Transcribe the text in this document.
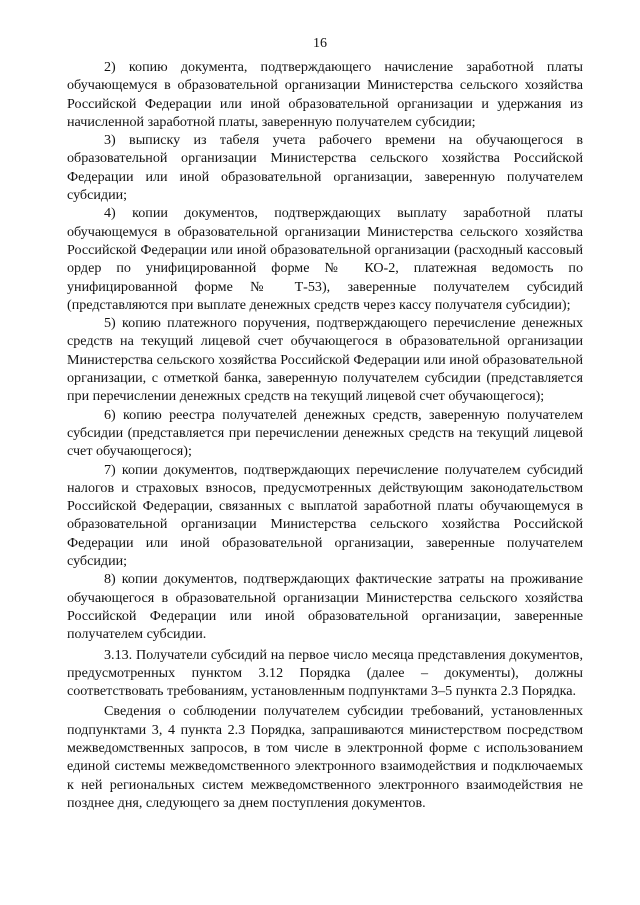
16

2) копию документа, подтверждающего начисление заработной платы обучающемуся в образовательной организации Министерства сельского хозяйства Российской Федерации или иной образовательной организации и удержания из начисленной заработной платы, заверенную получателем субсидии;

3) выписку из табеля учета рабочего времени на обучающегося в образовательной организации Министерства сельского хозяйства Российской Федерации или иной образовательной организации, заверенную получателем субсидии;

4) копии документов, подтверждающих выплату заработной платы обучающемуся в образовательной организации Министерства сельского хозяйства Российской Федерации или иной образовательной организации (расходный кассовый ордер по унифицированной форме № КО-2, платежная ведомость по унифицированной форме № Т-53), заверенные получателем субсидий (представляются при выплате денежных средств через кассу получателя субсидии);

5) копию платежного поручения, подтверждающего перечисление денежных средств на текущий лицевой счет обучающегося в образовательной организации Министерства сельского хозяйства Российской Федерации или иной образовательной организации, с отметкой банка, заверенную получателем субсидии (представляется при перечислении денежных средств на текущий лицевой счет обучающегося);

6) копию реестра получателей денежных средств, заверенную получателем субсидии (представляется при перечислении денежных средств на текущий лицевой счет обучающегося);

7) копии документов, подтверждающих перечисление получателем субсидий налогов и страховых взносов, предусмотренных действующим законодательством Российской Федерации, связанных с выплатой заработной платы обучающемуся в образовательной организации Министерства сельского хозяйства Российской Федерации или иной образовательной организации, заверенные получателем субсидии;

8) копии документов, подтверждающих фактические затраты на проживание обучающегося в образовательной организации Министерства сельского хозяйства Российской Федерации или иной образовательной организации, заверенные получателем субсидии.

3.13. Получатели субсидий на первое число месяца представления документов, предусмотренных пунктом 3.12 Порядка (далее – документы), должны соответствовать требованиям, установленным подпунктами 3–5 пункта 2.3 Порядка.

Сведения о соблюдении получателем субсидии требований, установленных подпунктами 3, 4 пункта 2.3 Порядка, запрашиваются министерством посредством межведомственных запросов, в том числе в электронной форме с использованием единой системы межведомственного электронного взаимодействия и подключаемых к ней региональных систем межведомственного электронного взаимодействия не позднее дня, следующего за днем поступления документов.
